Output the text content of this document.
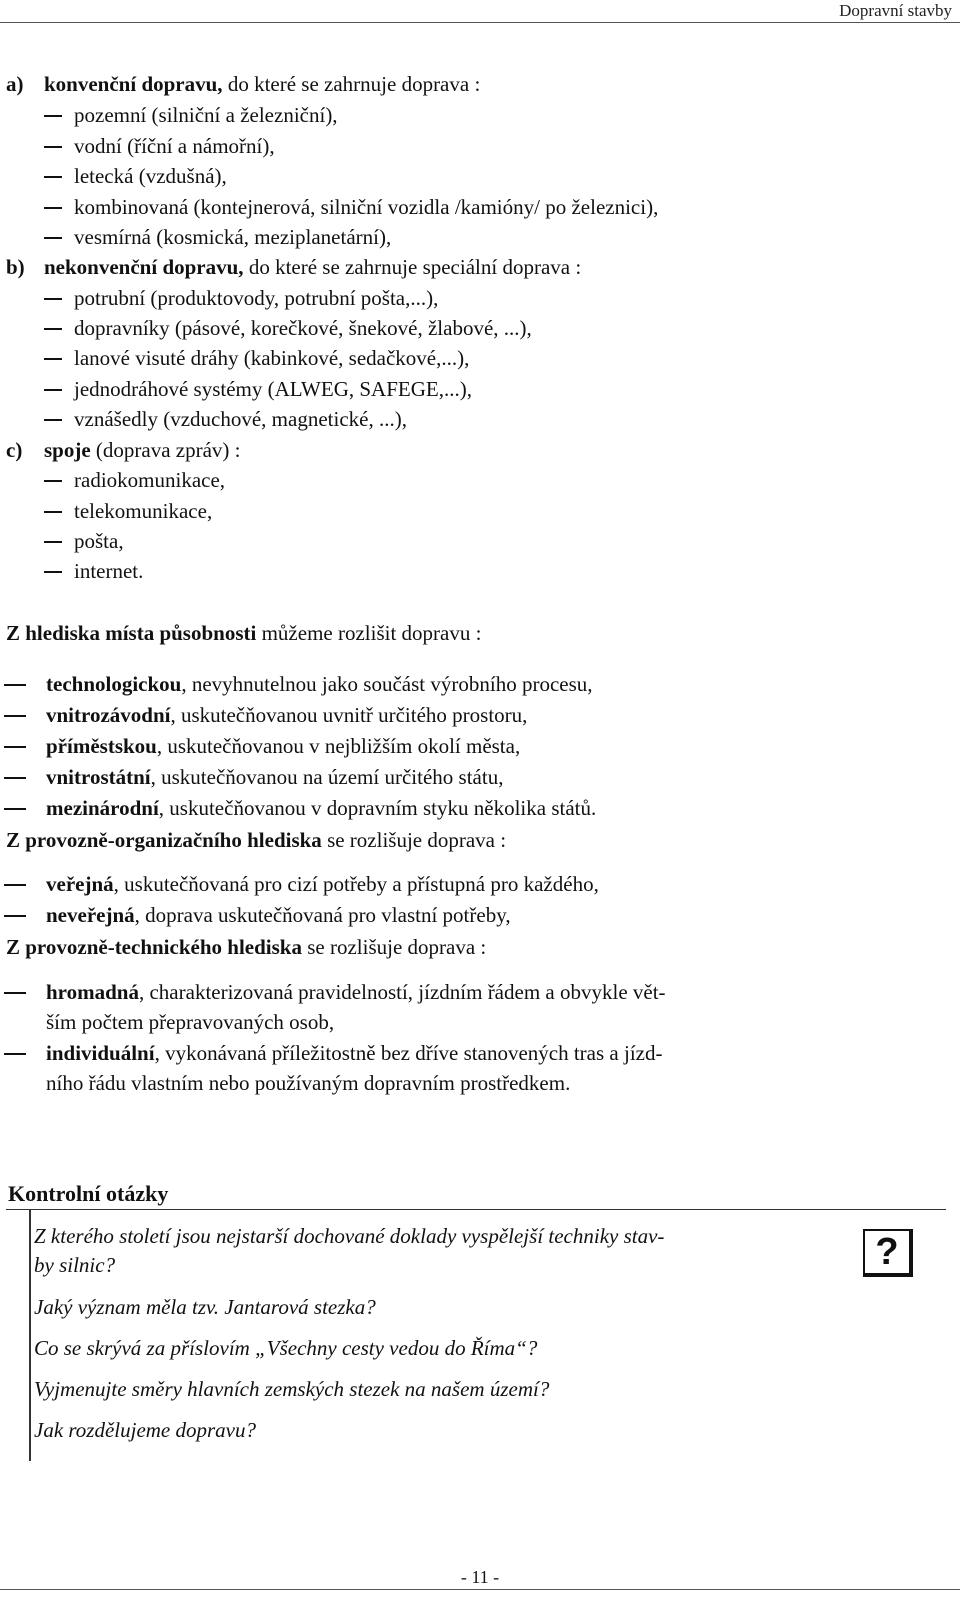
Dopravní stavby
a) konvenční dopravu, do které se zahrnuje doprava :
pozemní (silniční a železniční),
vodní (říční a námořní),
letecká (vzdušná),
kombinovaná (kontejnerová, silniční vozidla /kamióny/ po železnici),
vesmírná (kosmická, meziplanetární),
b) nekonvenční dopravu, do které se zahrnuje speciální doprava :
potrubní (produktovody, potrubní pošta,...),
dopravníky (pásové, korečkové, šnekové, žlabové, ...),
lanové visuté dráhy (kabinkové, sedačkové,...),
jednodráhové systémy (ALWEG, SAFEGE,...),
vznášedly (vzduchové, magnetické, ...),
c) spoje (doprava zpráv) :
radiokomunikace,
telekomunikace,
pošta,
internet.
Z hlediska místa působnosti můžeme rozlišit dopravu :
technologickou, nevyhnutelnou jako součást výrobního procesu,
vnitrozávodní, uskutečňovanou uvnitř určitého prostoru,
příměstskou, uskutečňovanou v nejbližším okolí města,
vnitrostátní, uskutečňovanou na území určitého státu,
mezinárodní, uskutečňovanou v dopravním styku několika států.
Z provozně-organizačního hlediska se rozlišuje doprava :
veřejná, uskutečňovaná pro cizí potřeby a přístupná pro každého,
neveřejná, doprava uskutečňovaná pro vlastní potřeby,
Z provozně-technického hlediska se rozlišuje doprava :
hromadná, charakterizovaná pravidelností, jízdním řádem a obvykle vět-
ším počtem přepravovaných osob,
individuální, vykonávaná příležitostně bez dříve stanovených tras a jízd-
ního řádu vlastním nebo používaným dopravním prostředkem.
Kontrolní otázky
Z kterého století jsou nejstarší dochované doklady vyspělejší techniky stav-
by silnic?
Jaký význam měla tzv. Jantarová stezka?
Co se skrývá za příslovím „Všechny cesty vedou do Říma“?
Vyjmenujte směry hlavních zemských stezek na našem území?
Jak rozdělujeme dopravu?
?
- 11 -
